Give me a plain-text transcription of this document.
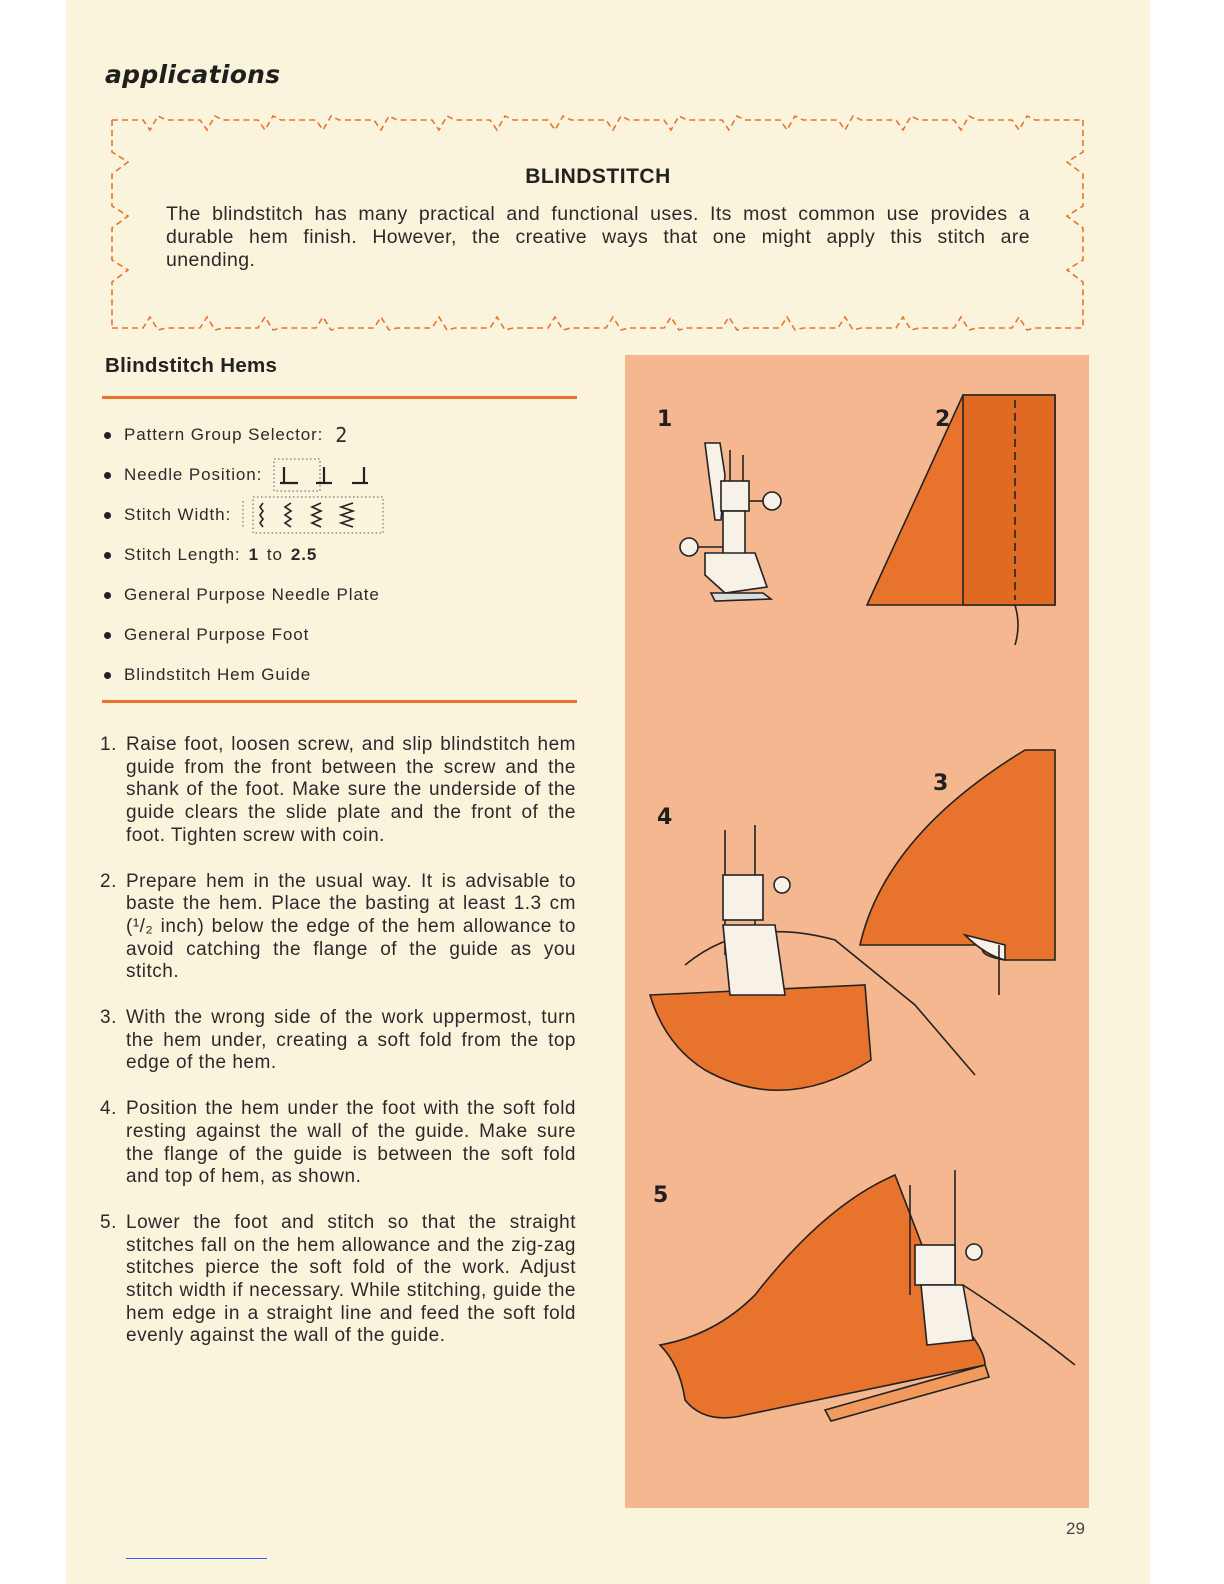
applications
BLINDSTITCH
The blindstitch has many practical and functional uses. Its most common use provides a durable hem finish. However, the creative ways that one might apply this stitch are unending.
Blindstitch Hems
Pattern Group Selector: 2
Needle Position:
Stitch Width:
Stitch Length: 1 to 2.5
General Purpose Needle Plate
General Purpose Foot
Blindstitch Hem Guide
1. Raise foot, loosen screw, and slip blindstitch hem guide from the front between the screw and the shank of the foot. Make sure the underside of the guide clears the slide plate and the front of the foot. Tighten screw with coin.
2. Prepare hem in the usual way. It is advisable to baste the hem. Place the basting at least 1.3 cm (¹/₂ inch) below the edge of the hem allowance to avoid catching the flange of the guide as you stitch.
3. With the wrong side of the work uppermost, turn the hem under, creating a soft fold from the top edge of the hem.
4. Position the hem under the foot with the soft fold resting against the wall of the guide. Make sure the flange of the guide is between the soft fold and top of hem, as shown.
5. Lower the foot and stitch so that the straight stitches fall on the hem allowance and the zig-zag stitches pierce the soft fold of the work. Adjust stitch width if necessary. While stitching, guide the hem edge in a straight line and feed the soft fold evenly against the wall of the guide.
1	2
3
4
5
29
